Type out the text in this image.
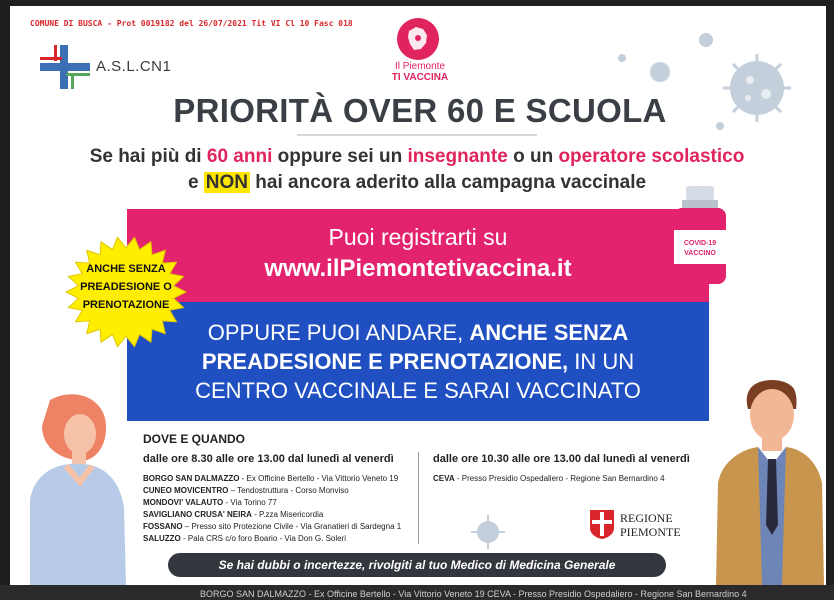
BORGO SAN DALMAZZO - Ex Officine Bertello - Via Vittorio Veneto 19 CEVA - Presso Presidio Ospedaliero - Regione San Bernardino 4
COMUNE DI BUSCA - Prot 0019182 del 26/07/2021 Tit VI Cl 10 Fasc 018
A.S.L.CN1	Il Piemonte
TI VACCINA
PRIORITÀ OVER 60 E SCUOLA
Se hai più di 60 anni oppure sei un insegnante o un operatore scolastico
e NON hai ancora aderito alla campagna vaccinale
Puoi registrarti su
www.ilPiemontetivaccina.it
COVID-19
VACCINO
OPPURE PUOI ANDARE, ANCHE SENZA
PREADESIONE E PRENOTAZIONE, IN UN
CENTRO VACCINALE E SARAI VACCINATO
ANCHE SENZA
PREADESIONE O
PRENOTAZIONE
DOVE E QUANDO
dalle ore 8.30 alle ore 13.00 dal lunedì al venerdì
BORGO SAN DALMAZZO - Ex Officine Bertello - Via Vittorio Veneto 19
CUNEO MOVICENTRO – Tendostruttura - Corso Monviso
MONDOVI' VALAUTO - Via Torino 77
SAVIGLIANO CRUSA' NEIRA - P.zza Misericordia
FOSSANO – Presso sito Protezione Civile - Via Granatieri di Sardegna 1
SALUZZO - Pala CRS c/o foro Boario - Via Don G. Soleri
dalle ore 10.30 alle ore 13.00 dal lunedì al venerdì
CEVA - Presso Presidio Ospedaliero - Regione San Bernardino 4
REGIONE
PIEMONTE
Se hai dubbi o incertezze, rivolgiti al tuo Medico di Medicina Generale
